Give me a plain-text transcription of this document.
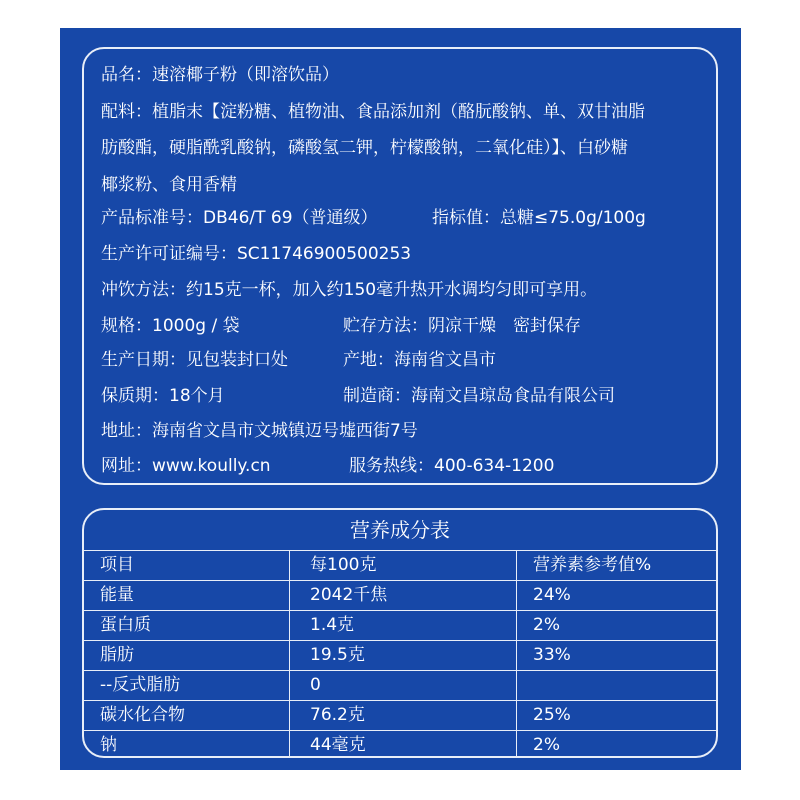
品名：速溶椰子粉（即溶饮品）
配料：植脂末【淀粉糖、植物油、食品添加剂（酪朊酸钠、单、双甘油脂
肪酸酯，硬脂酰乳酸钠，磷酸氢二钾，柠檬酸钠，二氧化硅）】、白砂糖
椰浆粉、食用香精
产品标准号：DB46/T 69（普通级）	指标值：总糖≤75.0g/100g
生产许可证编号：SC11746900500253
冲饮方法：约15克一杯，加入约150毫升热开水调均匀即可享用。
规格：1000g / 袋	贮存方法：阴凉干燥　密封保存
生产日期：见包装封口处	产地：海南省文昌市
保质期：18个月	制造商：海南文昌琼岛食品有限公司
地址：海南省文昌市文城镇迈号墟西街7号
网址：www.koully.cn	服务热线：400-634-1200
营养成分表
项目	每100克	营养素参考值%
能量	2042千焦	24%
蛋白质	1.4克	2%
脂肪	19.5克	33%
--反式脂肪	0
碳水化合物	76.2克	25%
钠	44毫克	2%
